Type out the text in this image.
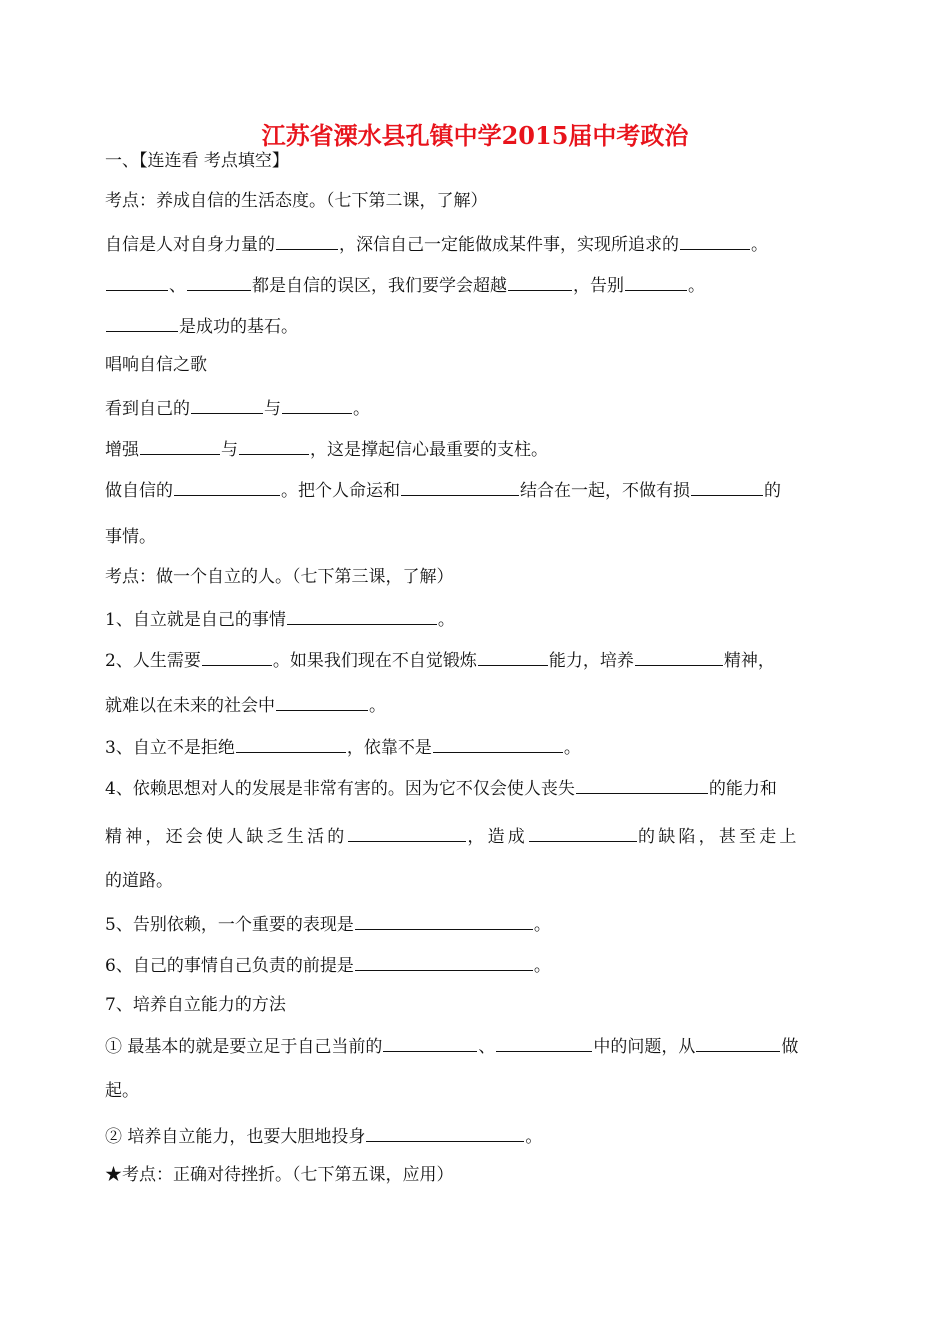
江苏省溧水县孔镇中学2015届中考政治
一、【连连看 考点填空】
考点：养成自信的生活态度。（七下第二课，了解）
自信是人对自身力量的	，深信自己一定能做成某件事，实现所追求的	。
、	都是自信的误区，我们要学会超越	，告别	。
是成功的基石。
唱响自信之歌
看到自己的	与	。
增强	与	，这是撑起信心最重要的支柱。
做自信的	。把个人命运和	结合在一起，不做有损	的
事情。
考点：做一个自立的人。（七下第三课，了解）
1、自立就是自己的事情	。
2、人生需要	。如果我们现在不自觉锻炼	能力，培养	精神，
就难以在未来的社会中	。
3、自立不是拒绝	，依靠不是	。
4、依赖思想对人的发展是非常有害的。因为它不仅会使人丧失	的能力和
精神，还会使人缺乏生活的	，造成	的缺陷，甚至走上
的道路。
5、告别依赖，一个重要的表现是	。
6、自己的事情自己负责的前提是	。
7、培养自立能力的方法
① 最基本的就是要立足于自己当前的	、	中的问题，从	做
起。
② 培养自立能力，也要大胆地投身	。
★考点：正确对待挫折。（七下第五课，应用）
